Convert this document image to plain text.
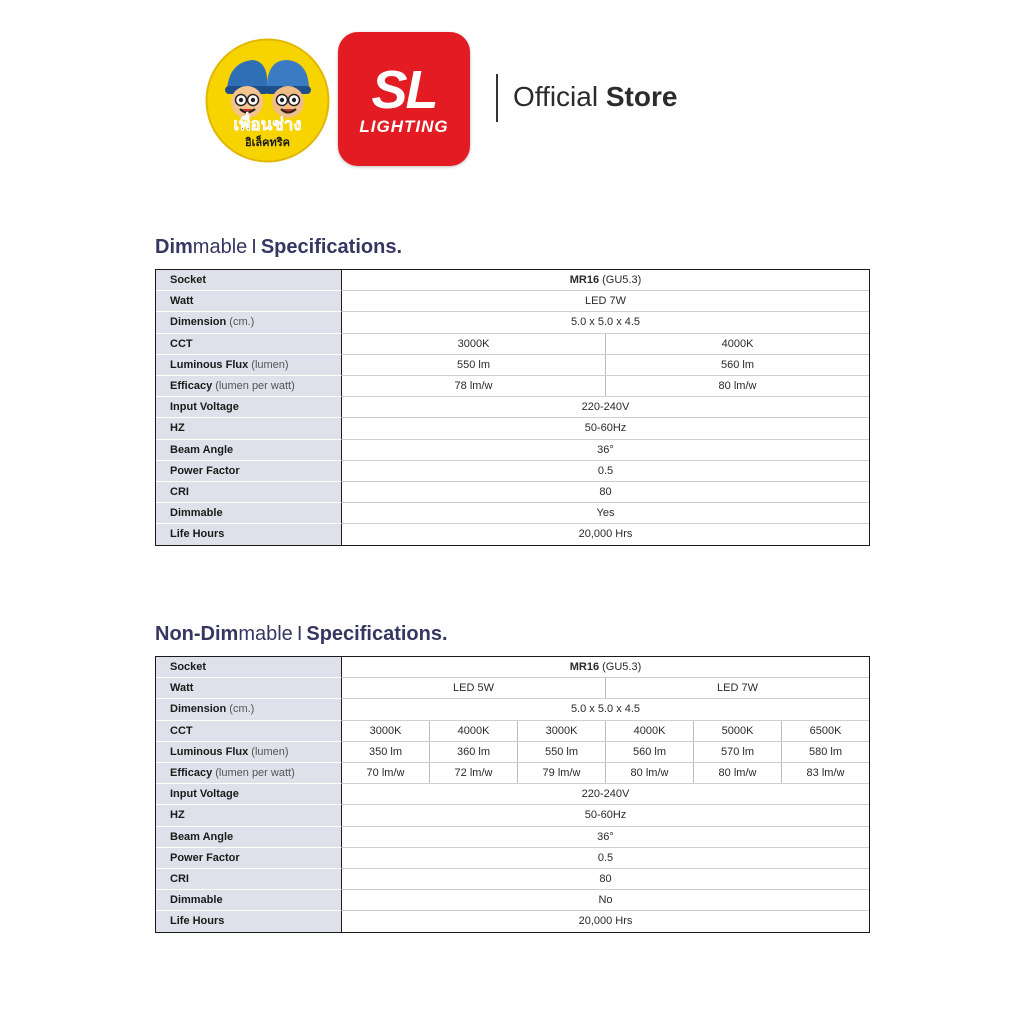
เพื่อนช่าง
อิเล็คทริค
SL
LIGHTING
Official Store
Dimmable I Specifications.
Socket	MR16 (GU5.3)
Watt	LED 7W
Dimension (cm.)	5.0 x 5.0 x 4.5
CCT	3000K	4000K
Luminous Flux (lumen)	550 lm	560 lm
Efficacy (lumen per watt)	78 lm/w	80 lm/w
Input Voltage	220-240V
HZ	50-60Hz
Beam Angle	36°
Power Factor	0.5
CRI	80
Dimmable	Yes
Life Hours	20,000 Hrs
Non-Dimmable I Specifications.
Socket	MR16 (GU5.3)
Watt	LED 5W	LED 7W
Dimension (cm.)	5.0 x 5.0 x 4.5
CCT	3000K	4000K	3000K	4000K	5000K	6500K
Luminous Flux (lumen)	350 lm	360 lm	550 lm	560 lm	570 lm	580 lm
Efficacy (lumen per watt)	70 lm/w	72 lm/w	79 lm/w	80 lm/w	80 lm/w	83 lm/w
Input Voltage	220-240V
HZ	50-60Hz
Beam Angle	36°
Power Factor	0.5
CRI	80
Dimmable	No
Life Hours	20,000 Hrs
